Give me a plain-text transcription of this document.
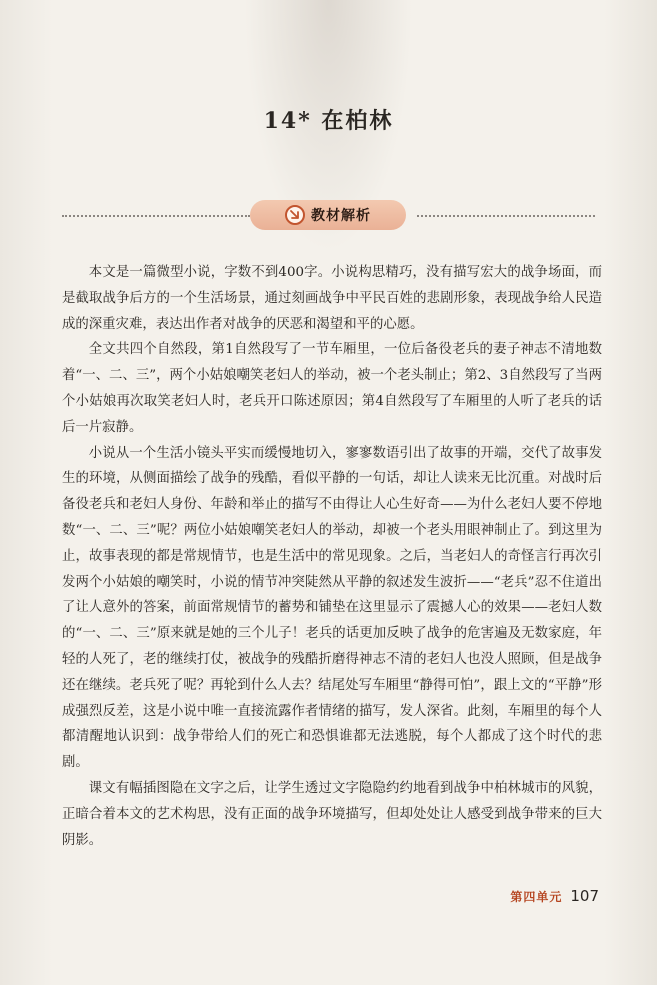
14* 在柏林
教材解析

本文是一篇微型小说，字数不到400字。小说构思精巧，没有描写宏大的战争场面，而是截取战争后方的一个生活场景，通过刻画战争中平民百姓的悲剧形象，表现战争给人民造成的深重灾难，表达出作者对战争的厌恶和渴望和平的心愿。

全文共四个自然段，第1自然段写了一节车厢里，一位后备役老兵的妻子神志不清地数着“一、二、三”，两个小姑娘嘲笑老妇人的举动，被一个老头制止；第2、3自然段写了当两个小姑娘再次取笑老妇人时，老兵开口陈述原因；第4自然段写了车厢里的人听了老兵的话后一片寂静。

小说从一个生活小镜头平实而缓慢地切入，寥寥数语引出了故事的开端，交代了故事发生的环境，从侧面描绘了战争的残酷，看似平静的一句话，却让人读来无比沉重。对战时后备役老兵和老妇人身份、年龄和举止的描写不由得让人心生好奇——为什么老妇人要不停地数“一、二、三”呢？两位小姑娘嘲笑老妇人的举动，却被一个老头用眼神制止了。到这里为止，故事表现的都是常规情节，也是生活中的常见现象。之后，当老妇人的奇怪言行再次引发两个小姑娘的嘲笑时，小说的情节冲突陡然从平静的叙述发生波折——“老兵”忍不住道出了让人意外的答案，前面常规情节的蓄势和铺垫在这里显示了震撼人心的效果——老妇人数的“一、二、三”原来就是她的三个儿子！老兵的话更加反映了战争的危害遍及无数家庭，年轻的人死了，老的继续打仗，被战争的残酷折磨得神志不清的老妇人也没人照顾，但是战争还在继续。老兵死了呢？再轮到什么人去？结尾处写车厢里“静得可怕”，跟上文的“平静”形成强烈反差，这是小说中唯一直接流露作者情绪的描写，发人深省。此刻，车厢里的每个人都清醒地认识到：战争带给人们的死亡和恐惧谁都无法逃脱，每个人都成了这个时代的悲剧。

课文有幅插图隐在文字之后，让学生透过文字隐隐约约地看到战争中柏林城市的风貌，正暗合着本文的艺术构思，没有正面的战争环境描写，但却处处让人感受到战争带来的巨大阴影。

第四单元 107
